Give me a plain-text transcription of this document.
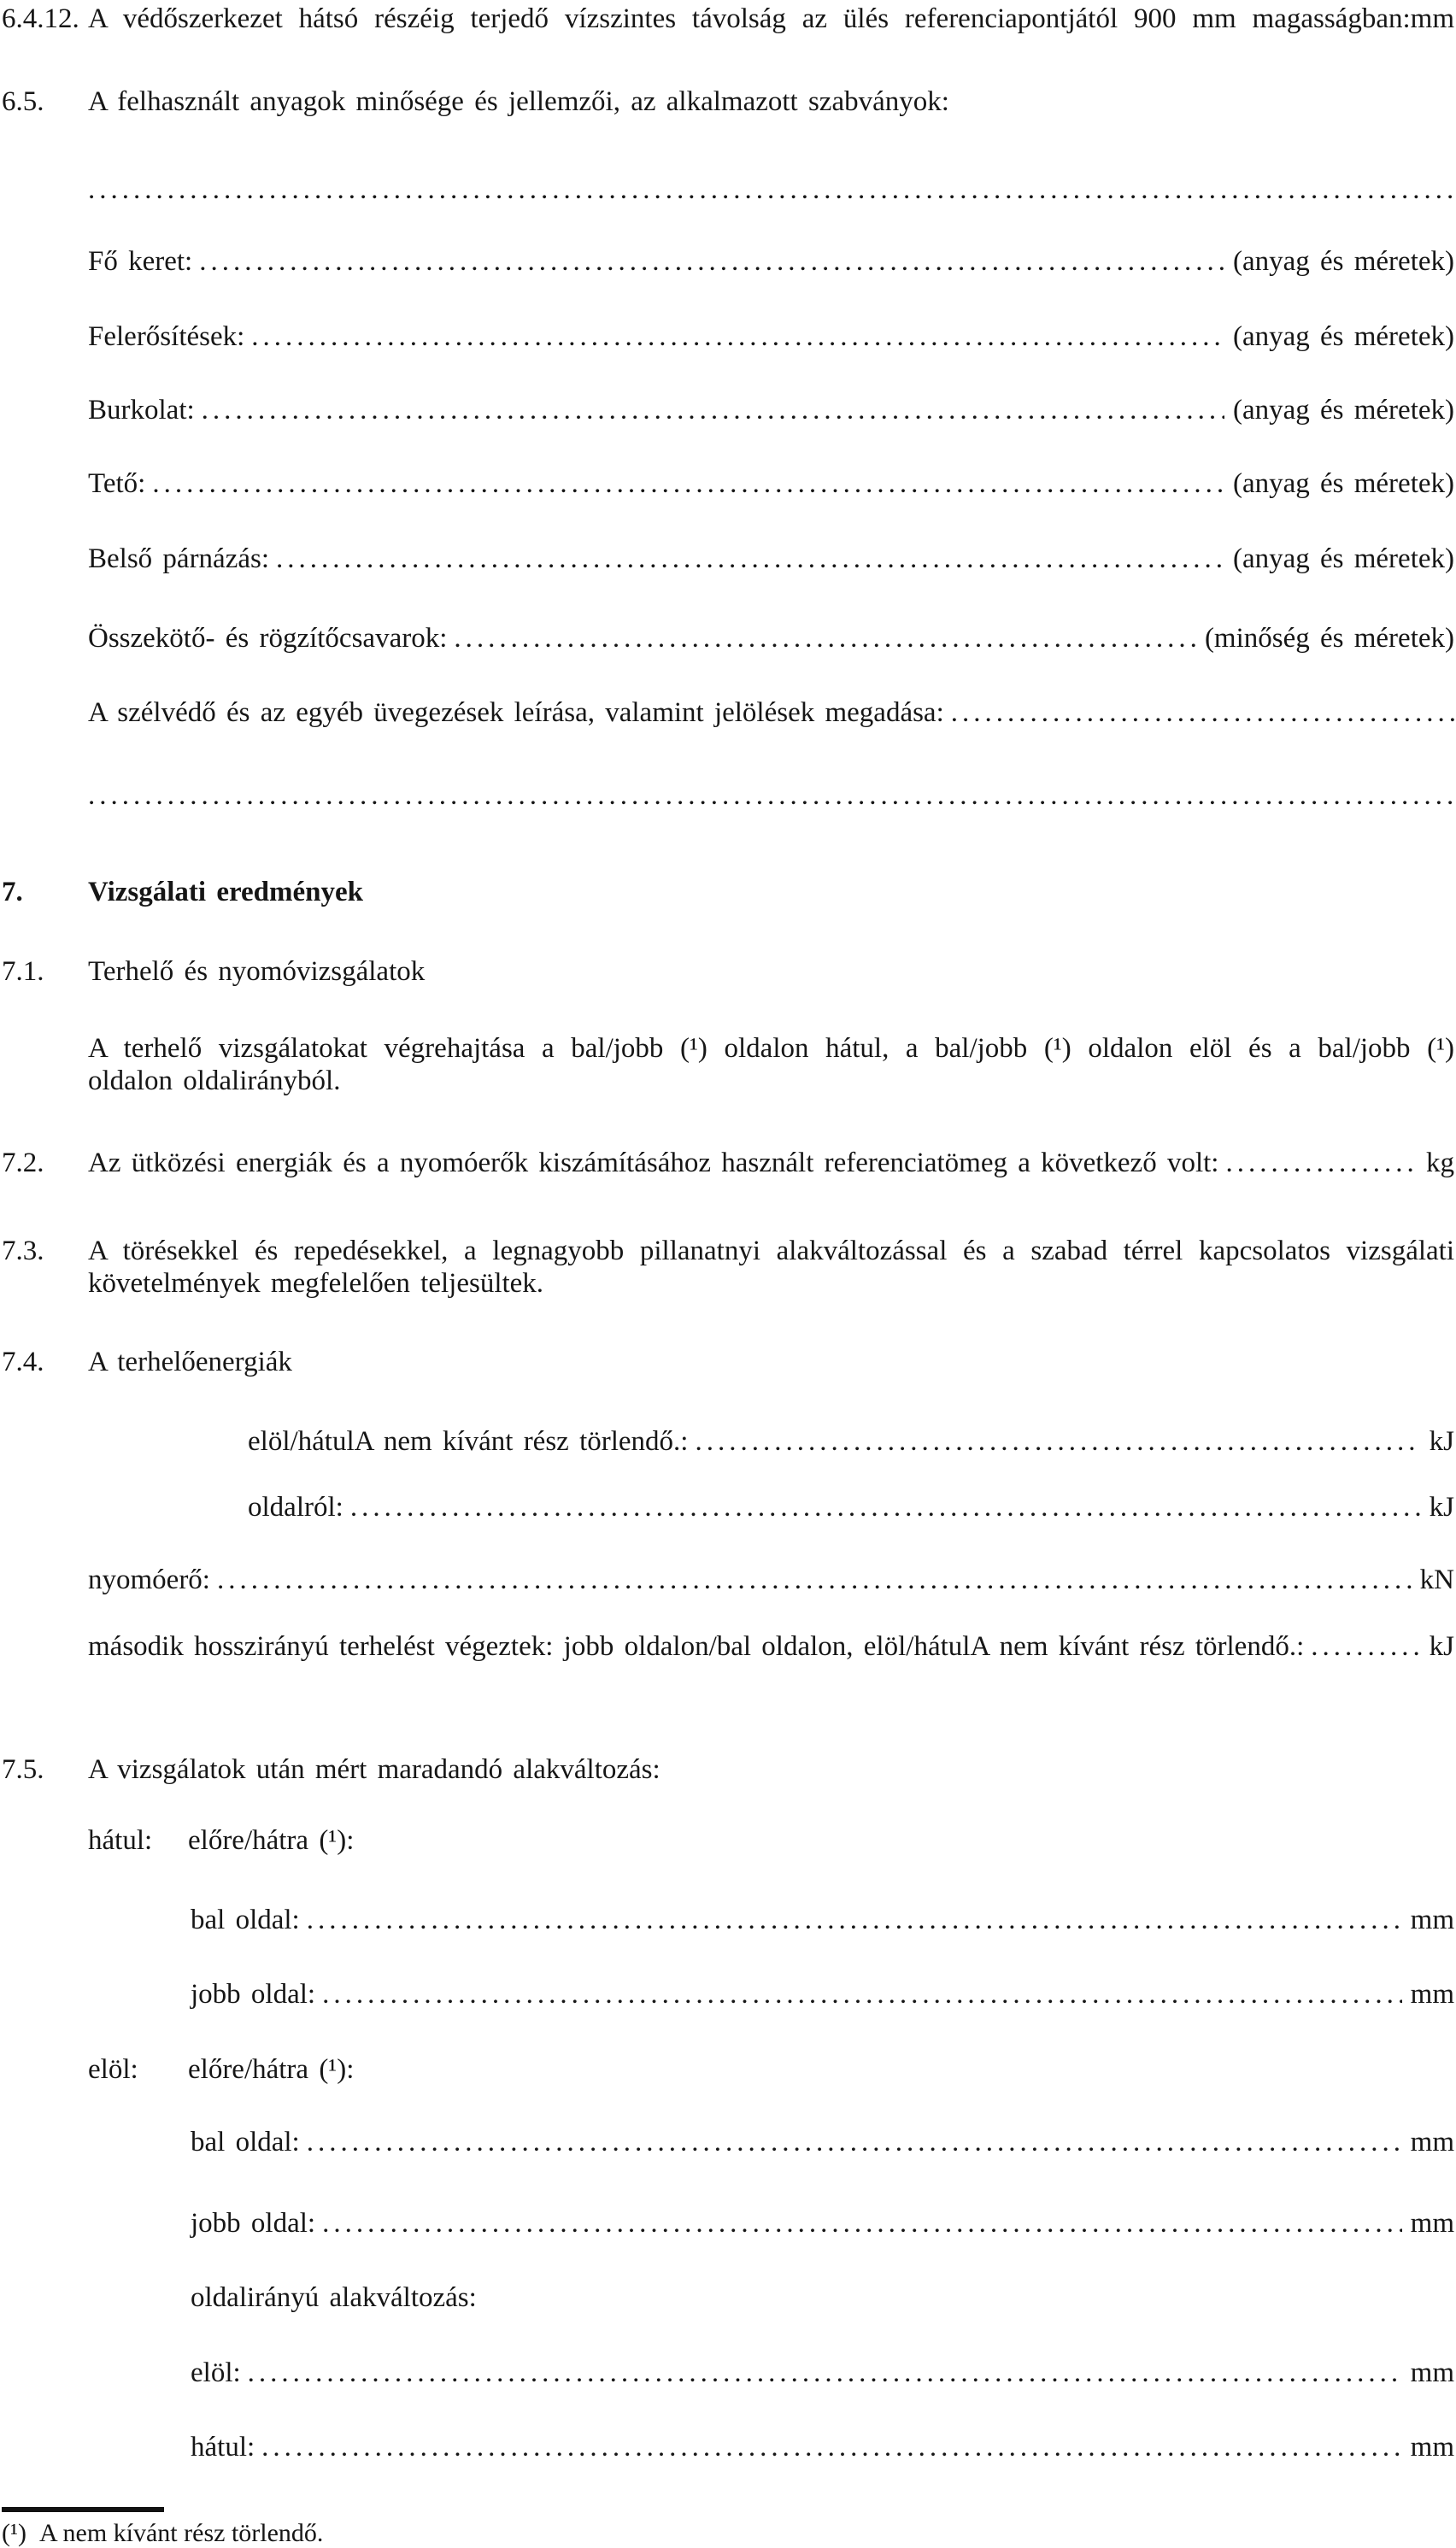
6.4.12. A védőszerkezet hátsó részéig terjedő vízszintes távolság az ülés referenciapontjától 900 mm magasságban:mm
6.5. A felhasznált anyagok minősége és jellemzői, az alkalmazott szabványok:
.....
Fő keret: .....	(anyag és méretek)
Felerősítések: .....	(anyag és méretek)
Burkolat: .....	(anyag és méretek)
Tető: .....	(anyag és méretek)
Belső párnázás: .....	(anyag és méretek)
Összekötő- és rögzítőcsavarok: .....	(minőség és méretek)
A szélvédő és az egyéb üvegezések leírása, valamint jelölések megadása:
.....
.....
7. Vizsgálati eredmények
7.1. Terhelő és nyomóvizsgálatok
A terhelő vizsgálatokat végrehajtása a bal/jobb (¹) oldalon hátul, a bal/jobb (¹) oldalon elöl és a bal/jobb (¹)
oldalon oldalirányból.
7.2. Az ütközési energiák és a nyomóerők kiszámításához használt referenciatömeg a következő volt: .....	kg
7.3. A törésekkel és repedésekkel, a legnagyobb pillanatnyi alakváltozással és a szabad térrel kapcsolatos vizsgálati
követelmények megfelelően teljesültek.
7.4. A terhelőenergiák
elöl/hátulA nem kívánt rész törlendő.: .....	kJ
oldalról: .....	kJ
nyomóerő: .....	kN
második hosszirányú terhelést végeztek: jobb oldalon/bal oldalon, elöl/hátulA nem kívánt rész törlendő.: .....	kJ
7.5. A vizsgálatok után mért maradandó alakváltozás:
hátul:	előre/hátra (¹):
bal oldal: .....	mm
jobb oldal: .....	mm
elöl:	előre/hátra (¹):
bal oldal: .....	mm
jobb oldal: .....	mm
oldalirányú alakváltozás:
elöl: .....	mm
hátul: .....	mm
(¹) A nem kívánt rész törlendő.
